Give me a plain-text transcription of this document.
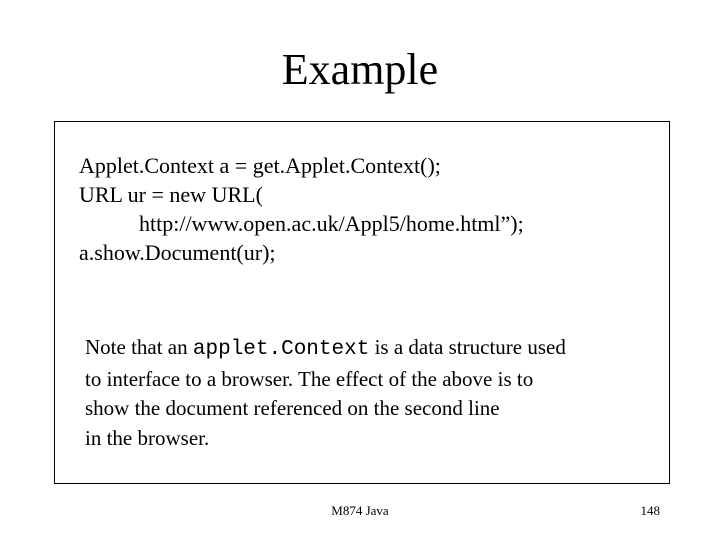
Example
Applet.Context a = get.Applet.Context();
URL ur = new URL(
http://www.open.ac.uk/Appl5/home.html”);
a.show.Document(ur);
Note that an applet.Context is a data structure used
to interface to a browser. The effect of the above is to
show the document referenced on the second line
in the browser.
M874 Java	148
